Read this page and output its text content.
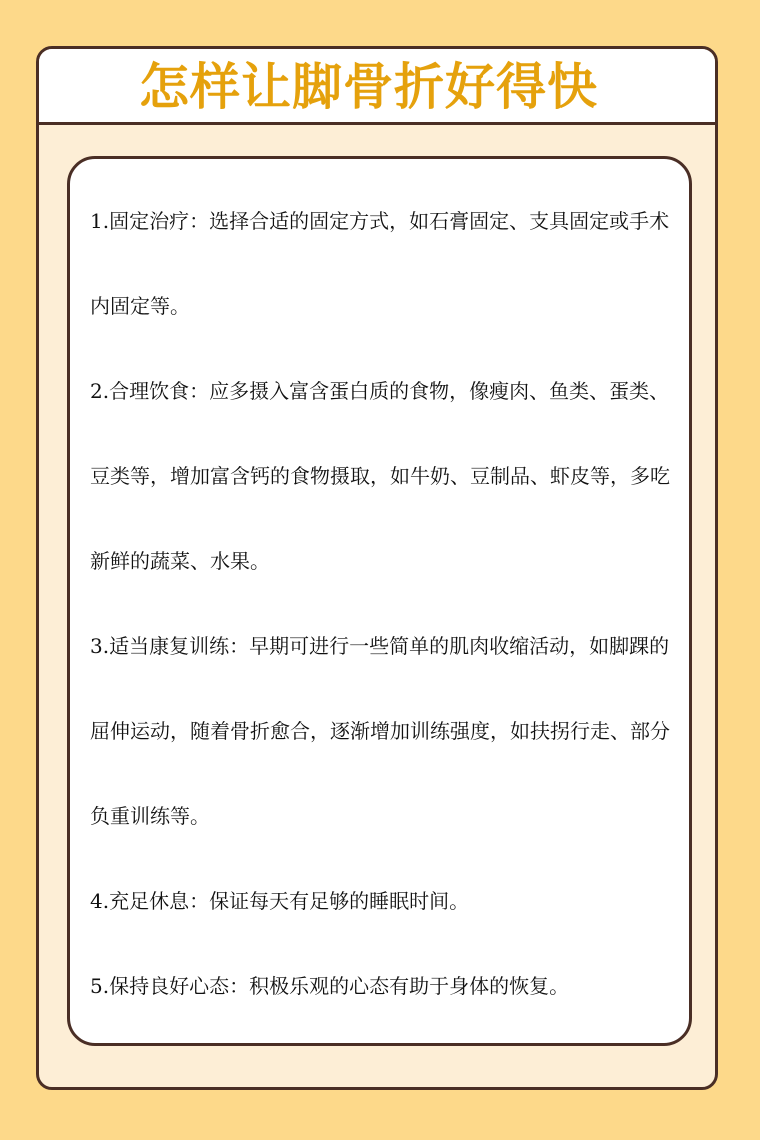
怎样让脚骨折好得快

1.固定治疗：选择合适的固定方式，如石膏固定、支具固定或手术内固定等。

2.合理饮食：应多摄入富含蛋白质的食物，像瘦肉、鱼类、蛋类、豆类等，增加富含钙的食物摄取，如牛奶、豆制品、虾皮等，多吃新鲜的蔬菜、水果。

3.适当康复训练：早期可进行一些简单的肌肉收缩活动，如脚踝的屈伸运动，随着骨折愈合，逐渐增加训练强度，如扶拐行走、部分负重训练等。

4.充足休息：保证每天有足够的睡眠时间。

5.保持良好心态：积极乐观的心态有助于身体的恢复。
